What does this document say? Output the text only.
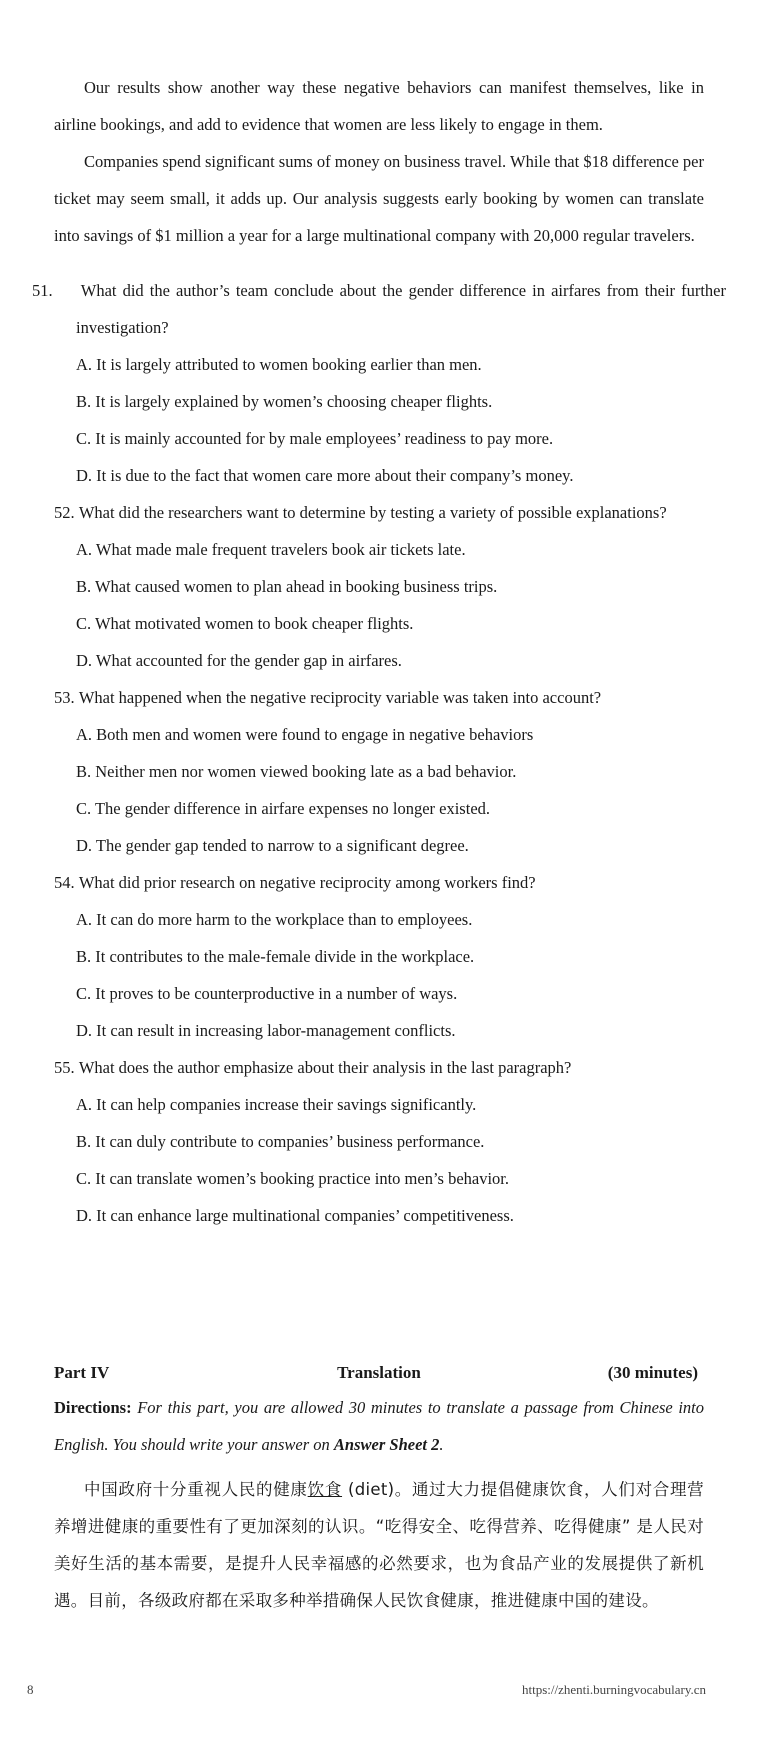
Our results show another way these negative behaviors can manifest themselves, like in airline bookings, and add to evidence that women are less likely to engage in them.

Companies spend significant sums of money on business travel. While that $18 difference per ticket may seem small, it adds up. Our analysis suggests early booking by women can translate into savings of $1 million a year for a large multinational company with 20,000 regular travelers.

51. What did the author’s team conclude about the gender difference in airfares from their further investigation?
A. It is largely attributed to women booking earlier than men.
B. It is largely explained by women’s choosing cheaper flights.
C. It is mainly accounted for by male employees’ readiness to pay more.
D. It is due to the fact that women care more about their company’s money.
52. What did the researchers want to determine by testing a variety of possible explanations?
A. What made male frequent travelers book air tickets late.
B. What caused women to plan ahead in booking business trips.
C. What motivated women to book cheaper flights.
D. What accounted for the gender gap in airfares.
53. What happened when the negative reciprocity variable was taken into account?
A. Both men and women were found to engage in negative behaviors
B. Neither men nor women viewed booking late as a bad behavior.
C. The gender difference in airfare expenses no longer existed.
D. The gender gap tended to narrow to a significant degree.
54. What did prior research on negative reciprocity among workers find?
A. It can do more harm to the workplace than to employees.
B. It contributes to the male-female divide in the workplace.
C. It proves to be counterproductive in a number of ways.
D. It can result in increasing labor-management conflicts.
55. What does the author emphasize about their analysis in the last paragraph?
A. It can help companies increase their savings significantly.
B. It can duly contribute to companies’ business performance.
C. It can translate women’s booking practice into men’s behavior.
D. It can enhance large multinational companies’ competitiveness.
Part IV	Translation	(30 minutes)

Directions: For this part, you are allowed 30 minutes to translate a passage from Chinese into English. You should write your answer on Answer Sheet 2.

中国政府十分重视人民的健康饮食 (diet)。通过大力提倡健康饮食，人们对合理营养增进健康的重要性有了更加深刻的认识。“吃得安全、吃得营养、吃得健康” 是人民对美好生活的基本需要，是提升人民幸福感的必然要求，也为食品产业的发展提供了新机遇。目前，各级政府都在采取多种举措确保人民饮食健康，推进健康中国的建设。

8	https://zhenti.burningvocabulary.cn
